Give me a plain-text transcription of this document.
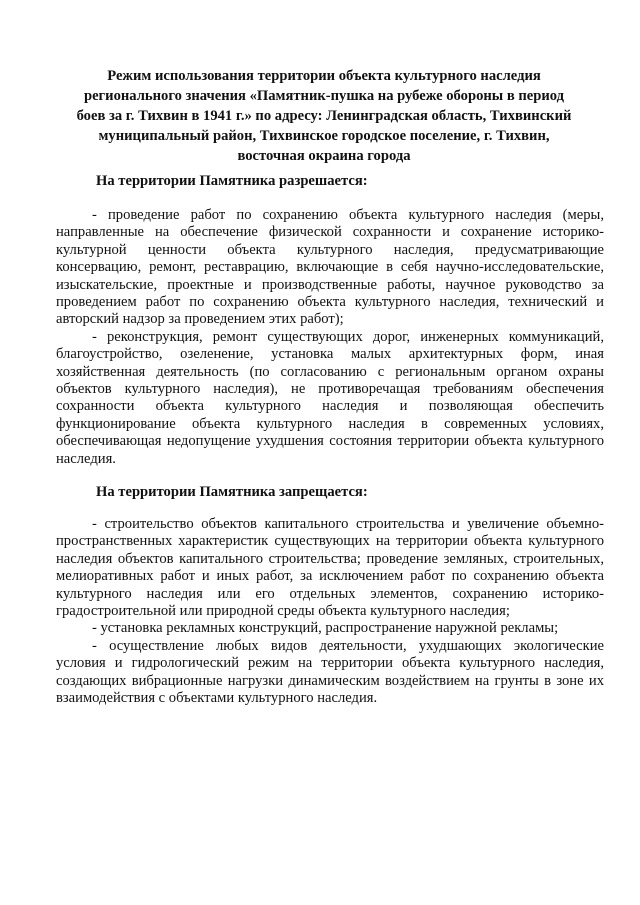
Режим использования территории объекта культурного наследия регионального значения «Памятник-пушка на рубеже обороны в период боев за г. Тихвин в 1941 г.» по адресу: Ленинградская область, Тихвинский муниципальный район, Тихвинское городское поселение, г. Тихвин, восточная окраина города
На территории Памятника разрешается:

- проведение работ по сохранению объекта культурного наследия (меры, направленные на обеспечение физической сохранности и сохранение историко-культурной ценности объекта культурного наследия, предусматривающие консервацию, ремонт, реставрацию, включающие в себя научно-исследовательские, изыскательские, проектные и производственные работы, научное руководство за проведением работ по сохранению объекта культурного наследия, технический и авторский надзор за проведением этих работ);

- реконструкция, ремонт существующих дорог, инженерных коммуникаций, благоустройство, озеленение, установка малых архитектурных форм, иная хозяйственная деятельность (по согласованию с региональным органом охраны объектов культурного наследия), не противоречащая требованиям обеспечения сохранности объекта культурного наследия и позволяющая обеспечить функционирование объекта культурного наследия в современных условиях, обеспечивающая недопущение ухудшения состояния территории объекта культурного наследия.

На территории Памятника запрещается:

- строительство объектов капитального строительства и увеличение объемно-пространственных характеристик существующих на территории объекта культурного наследия объектов капитального строительства; проведение земляных, строительных, мелиоративных работ и иных работ, за исключением работ по сохранению объекта культурного наследия или его отдельных элементов, сохранению историко-градостроительной или природной среды объекта культурного наследия;

- установка рекламных конструкций, распространение наружной рекламы;

- осуществление любых видов деятельности, ухудшающих экологические условия и гидрологический режим на территории объекта культурного наследия, создающих вибрационные нагрузки динамическим воздействием на грунты в зоне их взаимодействия с объектами культурного наследия.
